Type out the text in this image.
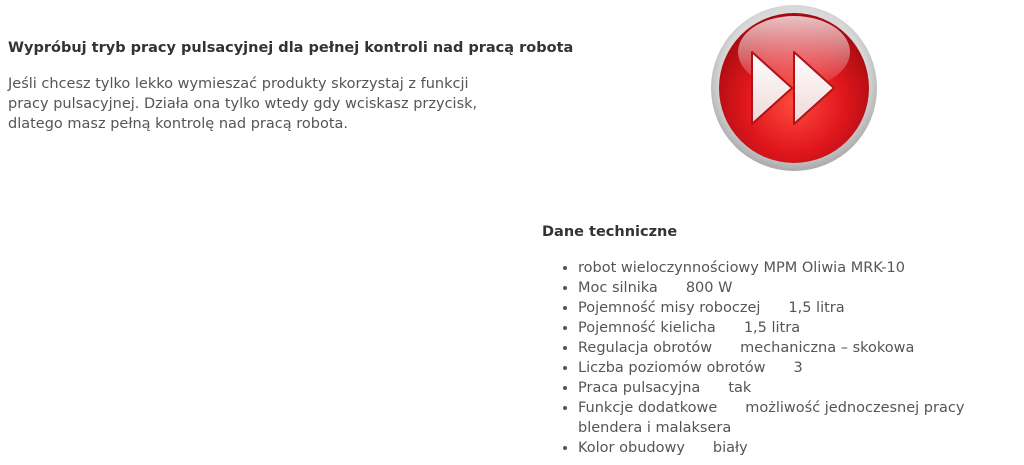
Wypróbuj tryb pracy pulsacyjnej dla pełnej kontroli nad pracą robota

Jeśli chcesz tylko lekko wymieszać produkty skorzystaj z funkcji pracy pulsacyjnej. Działa ona tylko wtedy gdy wciskasz przycisk, dlatego masz pełną kontrolę nad pracą robota.

Dane techniczne
• robot wieloczynnościowy MPM Oliwia MRK-10
• Moc silnika 800 W
• Pojemność misy roboczej 1,5 litra
• Pojemność kielicha 1,5 litra
• Regulacja obrotów mechaniczna – skokowa
• Liczba poziomów obrotów 3
• Praca pulsacyjna tak
• Funkcje dodatkowe możliwość jednoczesnej pracy blendera i malaksera
• Kolor obudowy biały
